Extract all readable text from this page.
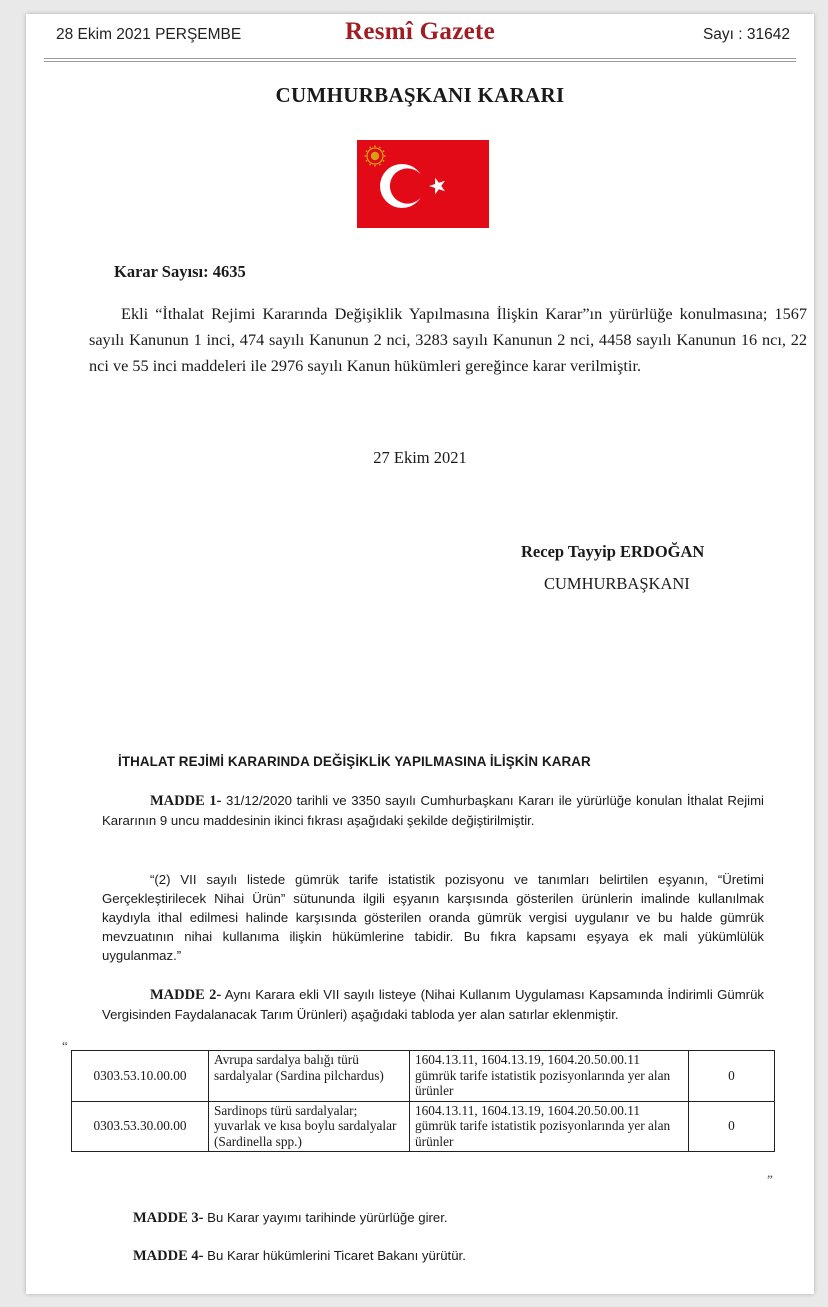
28 Ekim 2021 PERŞEMBE	Resmî Gazete	Sayı : 31642
CUMHURBAŞKANI KARARI
Karar Sayısı: 4635

Ekli “İthalat Rejimi Kararında Değişiklik Yapılmasına İlişkin Karar”ın yürürlüğe konulmasına; 1567 sayılı Kanunun 1 inci, 474 sayılı Kanunun 2 nci, 3283 sayılı Kanunun 2 nci, 4458 sayılı Kanunun 16 ncı, 22 nci ve 55 inci maddeleri ile 2976 sayılı Kanun hükümleri gereğince karar verilmiştir.

27 Ekim 2021
Recep Tayyip ERDOĞAN
CUMHURBAŞKANI
İTHALAT REJİMİ KARARINDA DEĞİŞİKLİK YAPILMASINA İLİŞKİN KARAR

MADDE 1- 31/12/2020 tarihli ve 3350 sayılı Cumhurbaşkanı Kararı ile yürürlüğe konulan İthalat Rejimi Kararının 9 uncu maddesinin ikinci fıkrası aşağıdaki şekilde değiştirilmiştir.

“(2) VII sayılı listede gümrük tarife istatistik pozisyonu ve tanımları belirtilen eşyanın, “Üretimi Gerçekleştirilecek Nihai Ürün” sütununda ilgili eşyanın karşısında gösterilen ürünlerin imalinde kullanılmak kaydıyla ithal edilmesi halinde karşısında gösterilen oranda gümrük vergisi uygulanır ve bu halde gümrük mevzuatının nihai kullanıma ilişkin hükümlerine tabidir. Bu fıkra kapsamı eşyaya ek mali yükümlülük uygulanmaz.”

MADDE 2- Aynı Karara ekli VII sayılı listeye (Nihai Kullanım Uygulaması Kapsamında İndirimli Gümrük Vergisinden Faydalanacak Tarım Ürünleri) aşağıdaki tabloda yer alan satırlar eklenmiştir.

“
0303.53.10.00.00	Avrupa sardalya balığı türü sardalyalar (Sardina pilchardus)	1604.13.11, 1604.13.19, 1604.20.50.00.11 gümrük tarife istatistik pozisyonlarında yer alan ürünler	0
0303.53.30.00.00	Sardinops türü sardalyalar; yuvarlak ve kısa boylu sardalyalar (Sardinella spp.)	1604.13.11, 1604.13.19, 1604.20.50.00.11 gümrük tarife istatistik pozisyonlarında yer alan ürünler	0
”

MADDE 3- Bu Karar yayımı tarihinde yürürlüğe girer.

MADDE 4- Bu Karar hükümlerini Ticaret Bakanı yürütür.
